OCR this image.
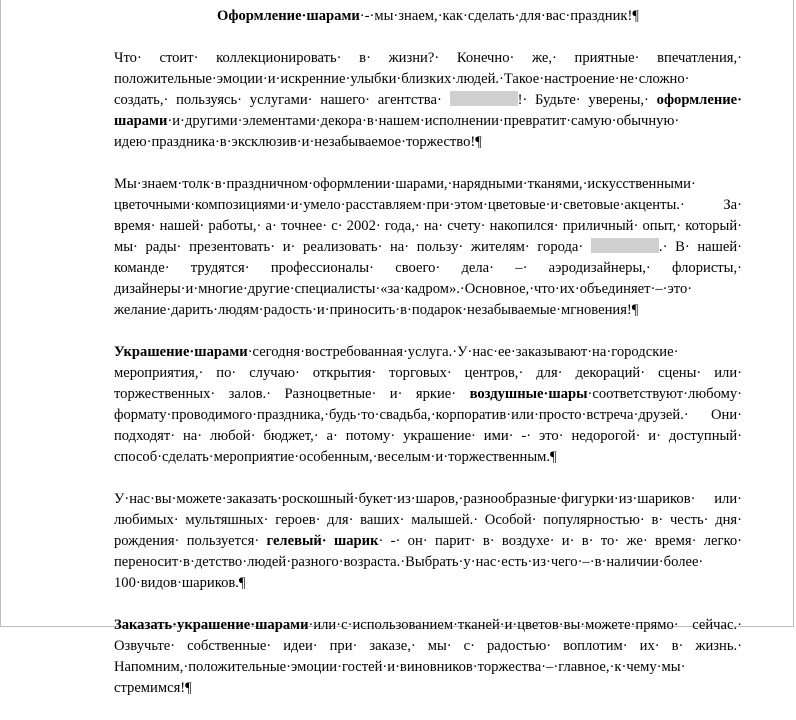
Оформление·шарами·-·мы·знаем,·как·сделать·для·вас·праздник!¶

Что· стоит· коллекционировать· в· жизни?· Конечно· же,· приятные· впечатления,· положительные·эмоции·и·искренние·улыбки·близких·людей.·Такое·настроение·не·сложно· создать,· пользуясь· услугами· нашего· агентства·	!· Будьте· уверены,· оформление· шарами·и·другими·элементами·декора·в·нашем·исполнении·превратит·самую·обычную· идею·праздника·в·эксклюзив·и·незабываемое·торжество!¶

Мы·знаем·толк·в·праздничном·оформлении·шарами,·нарядными·тканями,·искусственными· цветочными·композициями·и·умело·расставляем·при·этом·цветовые·и·световые·акценты.· За· время· нашей· работы,· а· точнее· с· 2002· года,· на· счету· накопился· приличный· опыт,· который· мы· рады· презентовать· и· реализовать· на· пользу· жителям· города·	.· В· нашей· команде· трудятся· профессионалы· своего· дела· –· аэродизайнеры,· флористы,· дизайнеры·и·многие·другие·специалисты·«за·кадром».·Основное,·что·их·объединяет·–·это· желание·дарить·людям·радость·и·приносить·в·подарок·незабываемые·мгновения!¶

Украшение·шарами·сегодня·востребованная·услуга.·У·нас·ее·заказывают·на·городские· мероприятия,· по· случаю· открытия· торговых· центров,· для· декораций· сцены· или· торжественных· залов.· Разноцветные· и· яркие· воздушные·шары·соответствуют·любому· формату·проводимого·праздника,·будь·то·свадьба,·корпоратив·или·просто·встреча·друзей.· Они· подходят· на· любой· бюджет,· а· потому· украшение· ими· -· это· недорогой· и· доступный· способ·сделать·мероприятие·особенным,·веселым·и·торжественным.¶

У·нас·вы·можете·заказать·роскошный·букет·из·шаров,·разнообразные·фигурки·из·шариков· или· любимых· мультяшных· героев· для· ваших· малышей.· Особой· популярностью· в· честь· дня· рождения· пользуется· гелевый· шарик· -· он· парит· в· воздухе· и· в· то· же· время· легко· переносит·в·детство·людей·разного·возраста.·Выбрать·у·нас·есть·из·чего·–·в·наличии·более· 100·видов·шариков.¶

Заказать·украшение·шарами·или·с·использованием·тканей·и·цветов·вы·можете·прямо· сейчас.· Озвучьте· собственные· идеи· при· заказе,· мы· с· радостью· воплотим· их· в· жизнь.· Напомним,·положительные·эмоции·гостей·и·виновников·торжества·–·главное,·к·чему·мы· стремимся!¶
